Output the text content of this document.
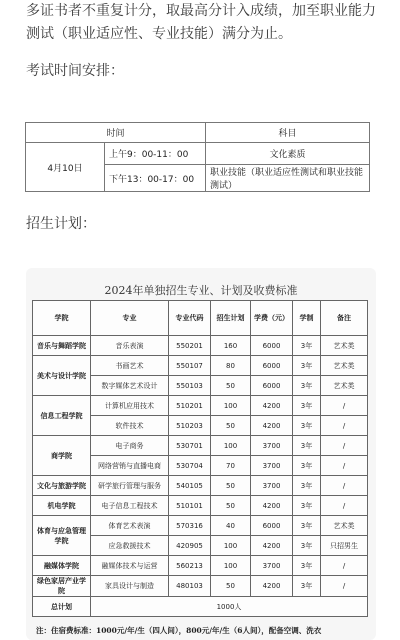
多证书者不重复计分，取最高分计入成绩，加至职业能力测试（职业适应性、专业技能）满分为止。
考试时间安排：
时间		科目
4月10日	上午9：00-11：00	文化素质
	下午13：00-17：00	职业技能（职业适应性测试和职业技能测试）
招生计划：
2024年单独招生专业、计划及收费标准
学院	专业	专业代码	招生计划	学费（元）	学制	备注
音乐与舞蹈学院	音乐表演	550201	160	6000	3年	艺术类
美术与设计学院	书画艺术	550107	80	6000	3年	艺术类
	数字媒体艺术设计	550103	50	6000	3年	艺术类
信息工程学院	计算机应用技术	510201	100	4200	3年	/
	软件技术	510203	50	4200	3年	/
商学院	电子商务	530701	100	3700	3年	/
	网络营销与直播电商	530704	70	3700	3年	/
文化与旅游学院	研学旅行管理与服务	540105	50	3700	3年	/
机电学院	电子信息工程技术	510101	50	4200	3年	/
体育与应急管理学院	体育艺术表演	570316	40	6000	3年	艺术类
	应急救援技术	420905	100	4200	3年	只招男生
融媒体学院	融媒体技术与运营	560213	100	3700	3年	/
绿色家居产业学院	家具设计与制造	480103	50	4200	3年	/
总计划	1000人					
注：住宿费标准：1000元/年/生（四人间），800元/年/生（6人间），配备空调、洗衣
